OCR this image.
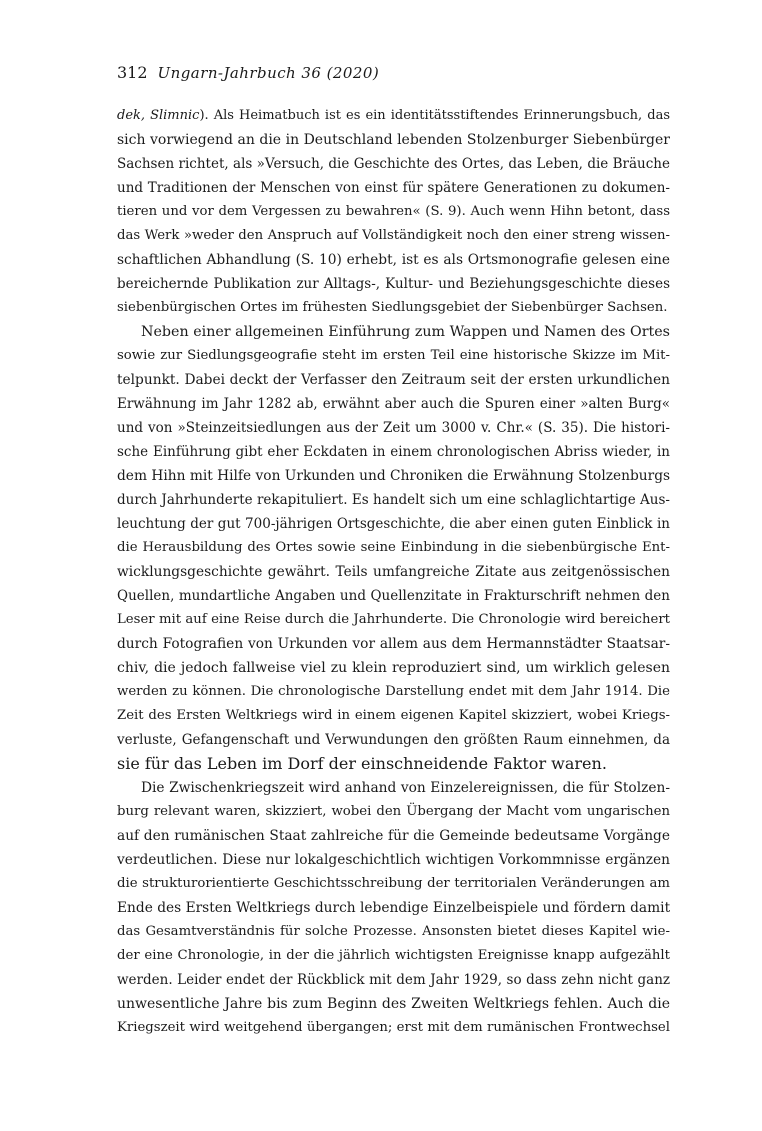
312 Ungarn-Jahrbuch 36 (2020)
dek, Slimnic). Als Heimatbuch ist es ein identitätsstiftendes Erinnerungsbuch, das
sich vorwiegend an die in Deutschland lebenden Stolzenburger Siebenbürger
Sachsen richtet, als »Versuch, die Geschichte des Ortes, das Leben, die Bräuche
und Traditionen der Menschen von einst für spätere Generationen zu dokumen-
tieren und vor dem Vergessen zu bewahren« (S. 9). Auch wenn Hihn betont, dass
das Werk »weder den Anspruch auf Vollständigkeit noch den einer streng wissen-
schaftlichen Abhandlung (S. 10) erhebt, ist es als Ortsmonografie gelesen eine
bereichernde Publikation zur Alltags-, Kultur- und Beziehungsgeschichte dieses
siebenbürgischen Ortes im frühesten Siedlungsgebiet der Siebenbürger Sachsen.
Neben einer allgemeinen Einführung zum Wappen und Namen des Ortes
sowie zur Siedlungsgeografie steht im ersten Teil eine historische Skizze im Mit-
telpunkt. Dabei deckt der Verfasser den Zeitraum seit der ersten urkundlichen
Erwähnung im Jahr 1282 ab, erwähnt aber auch die Spuren einer »alten Burg«
und von »Steinzeitsiedlungen aus der Zeit um 3000 v. Chr.« (S. 35). Die histori-
sche Einführung gibt eher Eckdaten in einem chronologischen Abriss wieder, in
dem Hihn mit Hilfe von Urkunden und Chroniken die Erwähnung Stolzenburgs
durch Jahrhunderte rekapituliert. Es handelt sich um eine schlaglichtartige Aus-
leuchtung der gut 700-jährigen Ortsgeschichte, die aber einen guten Einblick in
die Herausbildung des Ortes sowie seine Einbindung in die siebenbürgische Ent-
wicklungsgeschichte gewährt. Teils umfangreiche Zitate aus zeitgenössischen
Quellen, mundartliche Angaben und Quellenzitate in Frakturschrift nehmen den
Leser mit auf eine Reise durch die Jahrhunderte. Die Chronologie wird bereichert
durch Fotografien von Urkunden vor allem aus dem Hermannstädter Staatsar-
chiv, die jedoch fallweise viel zu klein reproduziert sind, um wirklich gelesen
werden zu können. Die chronologische Darstellung endet mit dem Jahr 1914. Die
Zeit des Ersten Weltkriegs wird in einem eigenen Kapitel skizziert, wobei Kriegs-
verluste, Gefangenschaft und Verwundungen den größten Raum einnehmen, da
sie für das Leben im Dorf der einschneidende Faktor waren.
Die Zwischenkriegszeit wird anhand von Einzelereignissen, die für Stolzen-
burg relevant waren, skizziert, wobei den Übergang der Macht vom ungarischen
auf den rumänischen Staat zahlreiche für die Gemeinde bedeutsame Vorgänge
verdeutlichen. Diese nur lokalgeschichtlich wichtigen Vorkommnisse ergänzen
die strukturorientierte Geschichtsschreibung der territorialen Veränderungen am
Ende des Ersten Weltkriegs durch lebendige Einzelbeispiele und fördern damit
das Gesamtverständnis für solche Prozesse. Ansonsten bietet dieses Kapitel wie-
der eine Chronologie, in der die jährlich wichtigsten Ereignisse knapp aufgezählt
werden. Leider endet der Rückblick mit dem Jahr 1929, so dass zehn nicht ganz
unwesentliche Jahre bis zum Beginn des Zweiten Weltkriegs fehlen. Auch die
Kriegszeit wird weitgehend übergangen; erst mit dem rumänischen Frontwechsel
